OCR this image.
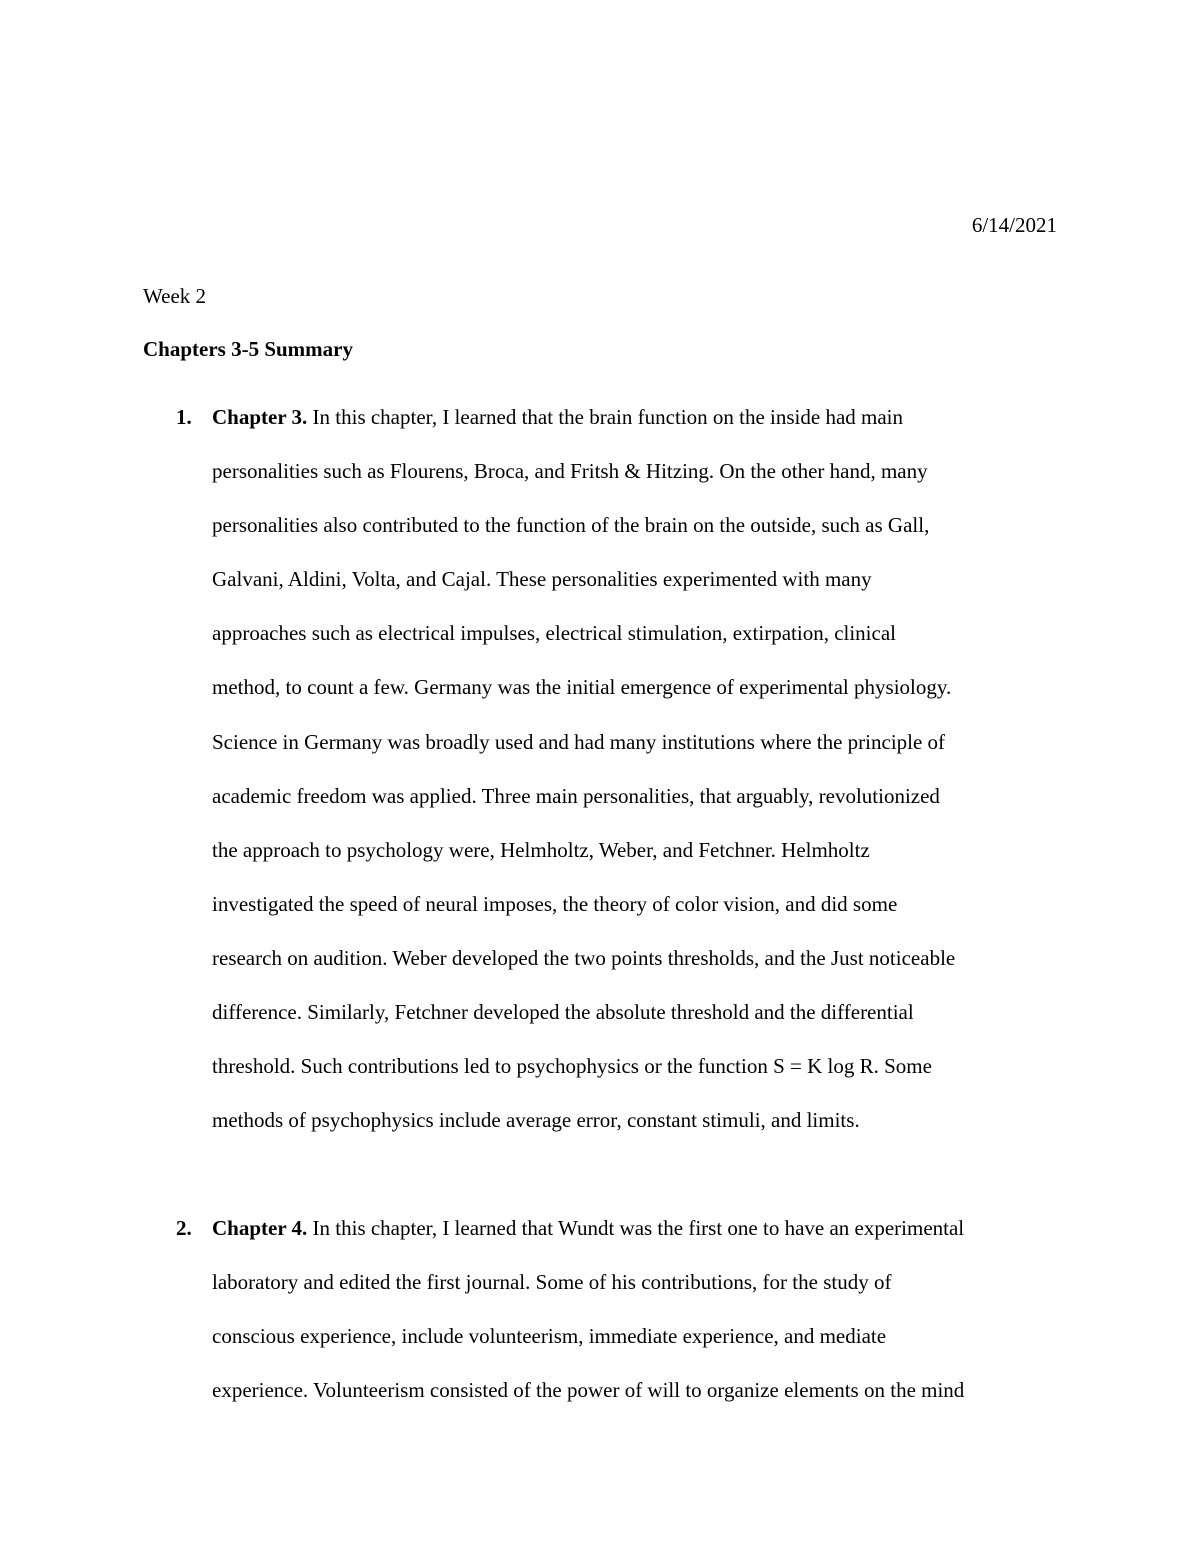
6/14/2021
Week 2
Chapters 3-5 Summary
1. Chapter 3. In this chapter, I learned that the brain function on the inside had main
personalities such as Flourens, Broca, and Fritsh & Hitzing. On the other hand, many
personalities also contributed to the function of the brain on the outside, such as Gall,
Galvani, Aldini, Volta, and Cajal. These personalities experimented with many
approaches such as electrical impulses, electrical stimulation, extirpation, clinical
method, to count a few. Germany was the initial emergence of experimental physiology.
Science in Germany was broadly used and had many institutions where the principle of
academic freedom was applied. Three main personalities, that arguably, revolutionized
the approach to psychology were, Helmholtz, Weber, and Fetchner. Helmholtz
investigated the speed of neural imposes, the theory of color vision, and did some
research on audition. Weber developed the two points thresholds, and the Just noticeable
difference. Similarly, Fetchner developed the absolute threshold and the differential
threshold. Such contributions led to psychophysics or the function S = K log R. Some
methods of psychophysics include average error, constant stimuli, and limits.
2. Chapter 4. In this chapter, I learned that Wundt was the first one to have an experimental
laboratory and edited the first journal. Some of his contributions, for the study of
conscious experience, include volunteerism, immediate experience, and mediate
experience. Volunteerism consisted of the power of will to organize elements on the mind
